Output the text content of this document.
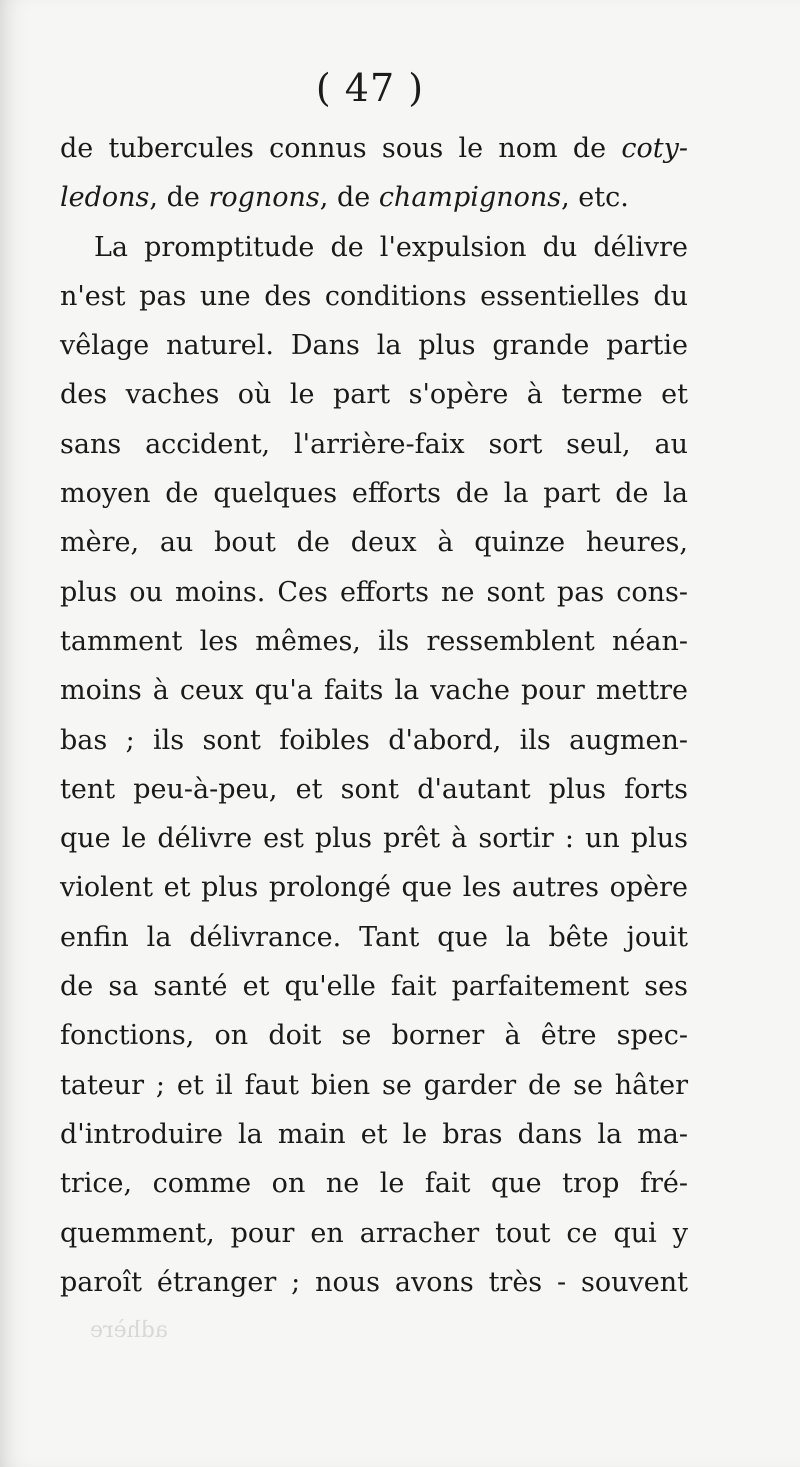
( 47 )
de tubercules connus sous le nom de coty-
ledons, de rognons, de champignons, etc.
La promptitude de l'expulsion du délivre
n'est pas une des conditions essentielles du
vêlage naturel. Dans la plus grande partie
des vaches où le part s'opère à terme et
sans accident, l'arrière-faix sort seul, au
moyen de quelques efforts de la part de la
mère, au bout de deux à quinze heures,
plus ou moins. Ces efforts ne sont pas cons-
tamment les mêmes, ils ressemblent néan-
moins à ceux qu'a faits la vache pour mettre
bas ; ils sont foibles d'abord, ils augmen-
tent peu-à-peu, et sont d'autant plus forts
que le délivre est plus prêt à sortir : un plus
violent et plus prolongé que les autres opère
enfin la délivrance. Tant que la bête jouit
de sa santé et qu'elle fait parfaitement ses
fonctions, on doit se borner à être spec-
tateur ; et il faut bien se garder de se hâter
d'introduire la main et le bras dans la ma-
trice, comme on ne le fait que trop fré-
quemment, pour en arracher tout ce qui y
paroît étranger ; nous avons très - souvent
adhère
